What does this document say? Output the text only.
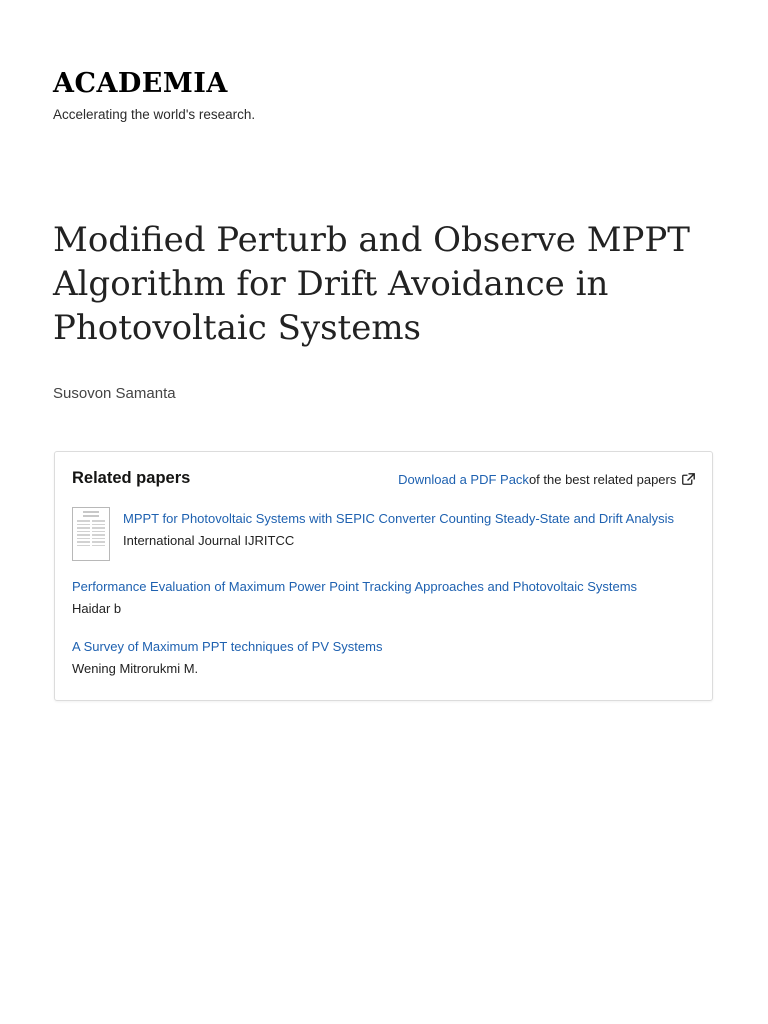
ACADEMIA
Accelerating the world's research.
Modified Perturb and Observe MPPT Algorithm for Drift Avoidance in Photovoltaic Systems
Susovon Samanta
Related papers	Download a PDF Packof the best related papers
MPPT for Photovoltaic Systems with SEPIC Converter Counting Steady-State and Drift Analysis
International Journal IJRITCC
Performance Evaluation of Maximum Power Point Tracking Approaches and Photovoltaic Systems
Haidar b
A Survey of Maximum PPT techniques of PV Systems
Wening Mitrorukmi M.
